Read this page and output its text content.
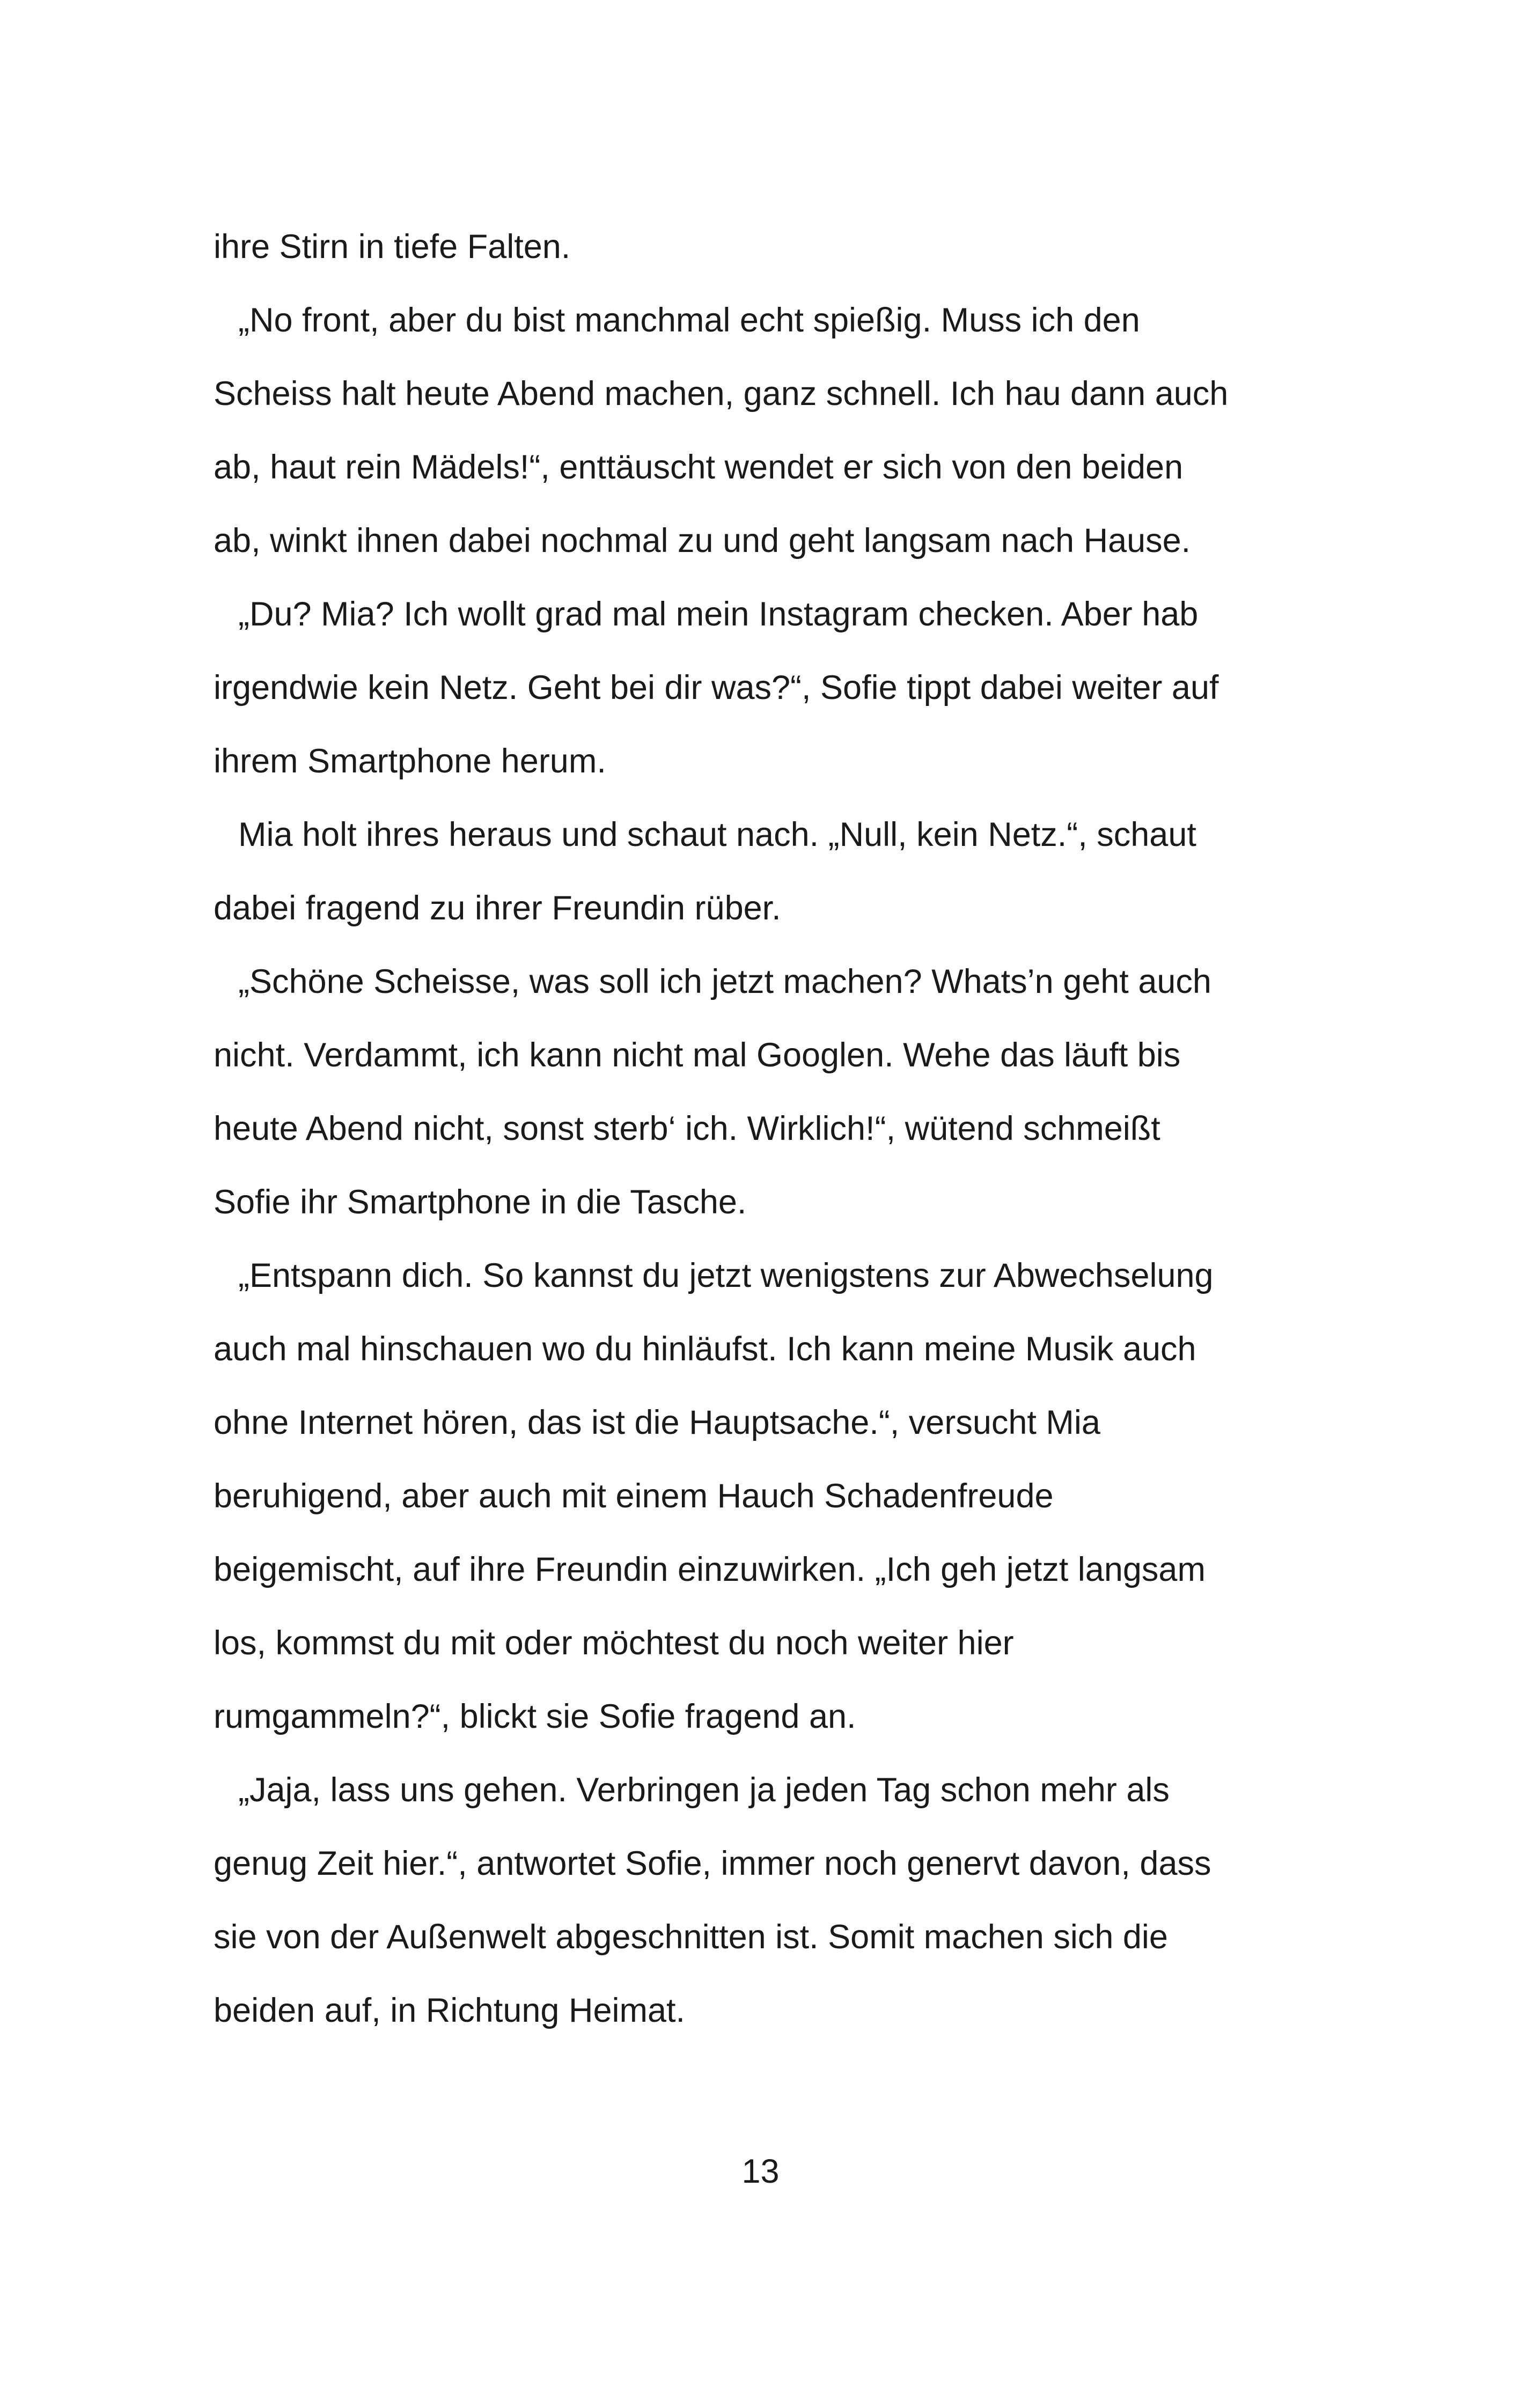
ihre Stirn in tiefe Falten.

„No front, aber du bist manchmal echt spießig. Muss ich den

Scheiss halt heute Abend machen, ganz schnell. Ich hau dann auch

ab, haut rein Mädels!“, enttäuscht wendet er sich von den beiden

ab, winkt ihnen dabei nochmal zu und geht langsam nach Hause.

„Du? Mia? Ich wollt grad mal mein Instagram checken. Aber hab

irgendwie kein Netz. Geht bei dir was?“, Sofie tippt dabei weiter auf

ihrem Smartphone herum.

Mia holt ihres heraus und schaut nach. „Null, kein Netz.“, schaut

dabei fragend zu ihrer Freundin rüber.

„Schöne Scheisse, was soll ich jetzt machen? Whats’n geht auch

nicht. Verdammt, ich kann nicht mal Googlen. Wehe das läuft bis

heute Abend nicht, sonst sterb‘ ich. Wirklich!“, wütend schmeißt

Sofie ihr Smartphone in die Tasche.

„Entspann dich. So kannst du jetzt wenigstens zur Abwechselung

auch mal hinschauen wo du hinläufst. Ich kann meine Musik auch

ohne Internet hören, das ist die Hauptsache.“, versucht Mia

beruhigend, aber auch mit einem Hauch Schadenfreude

beigemischt, auf ihre Freundin einzuwirken. „Ich geh jetzt langsam

los, kommst du mit oder möchtest du noch weiter hier

rumgammeln?“, blickt sie Sofie fragend an.

„Jaja, lass uns gehen. Verbringen ja jeden Tag schon mehr als

genug Zeit hier.“, antwortet Sofie, immer noch genervt davon, dass

sie von der Außenwelt abgeschnitten ist. Somit machen sich die

beiden auf, in Richtung Heimat.

13
